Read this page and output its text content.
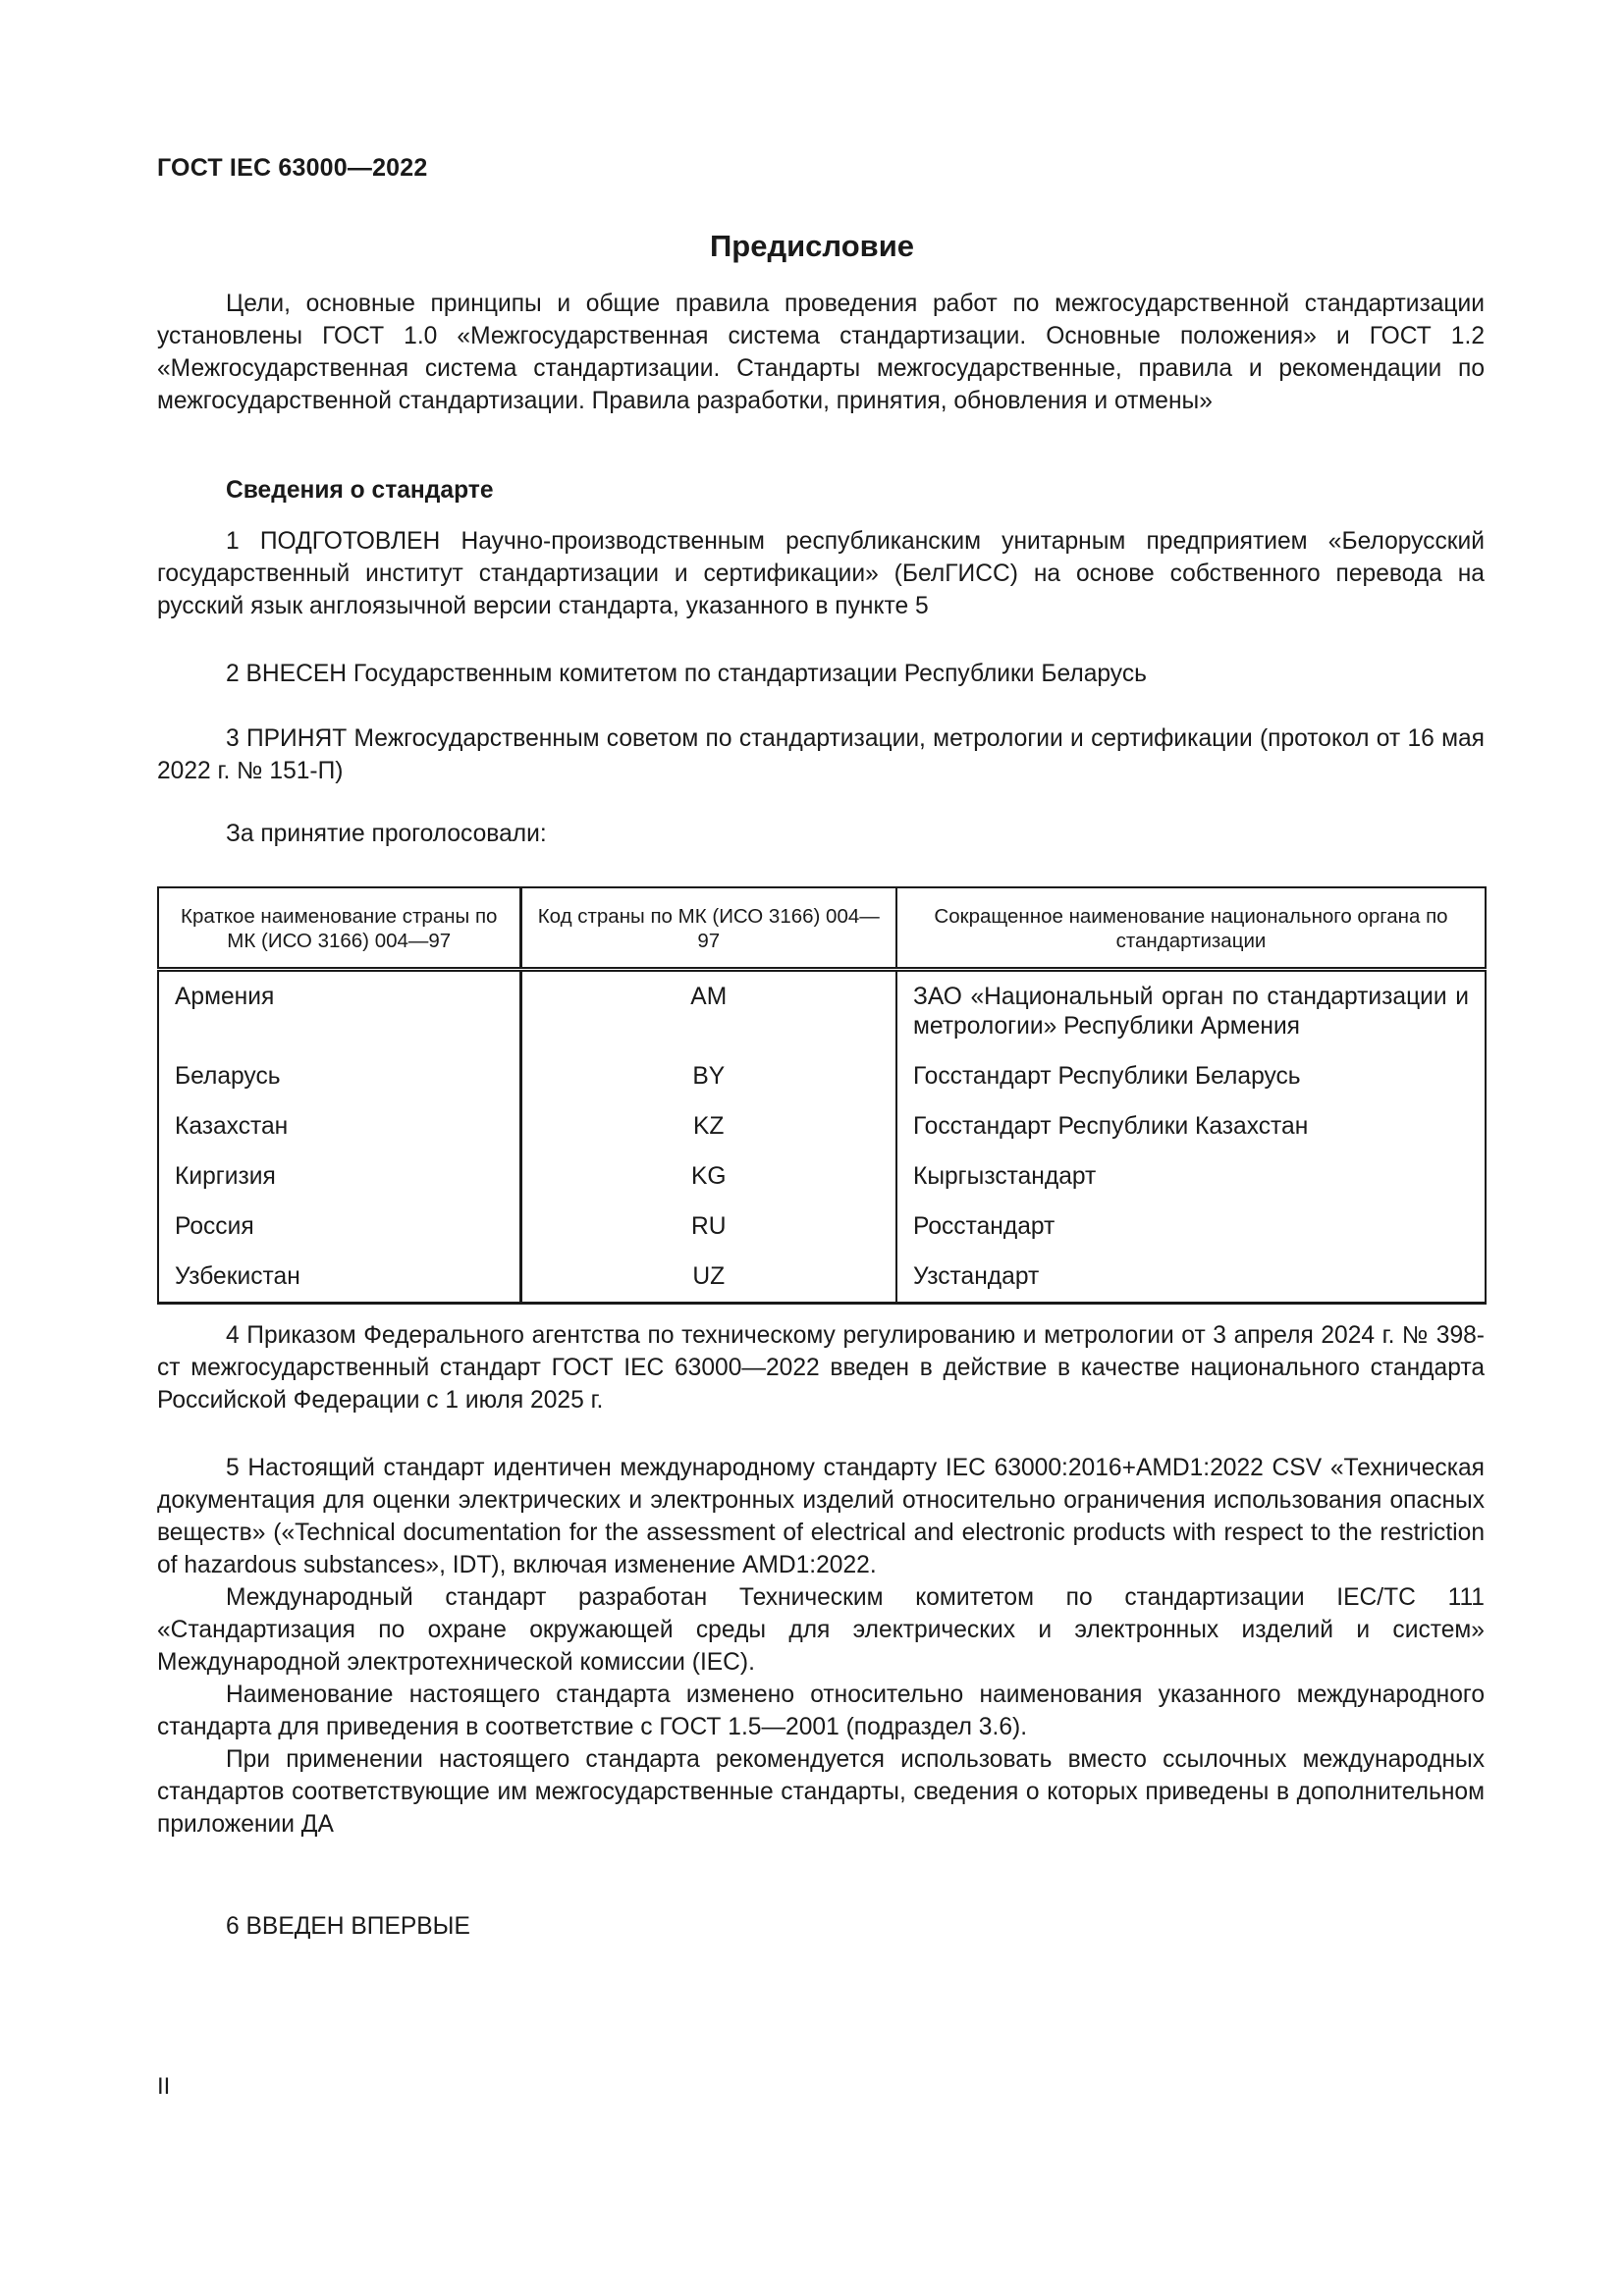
ГОСТ IEC 63000—2022
Предисловие

Цели, основные принципы и общие правила проведения работ по межгосударственной стандартизации установлены ГОСТ 1.0 «Межгосударственная система стандартизации. Основные положения» и ГОСТ 1.2 «Межгосударственная система стандартизации. Стандарты межгосударственные, правила и рекомендации по межгосударственной стандартизации. Правила разработки, принятия, обновления и отмены»

Сведения о стандарте

1 ПОДГОТОВЛЕН Научно-производственным республиканским унитарным предприятием «Белорусский государственный институт стандартизации и сертификации» (БелГИСС) на основе собственного перевода на русский язык англоязычной версии стандарта, указанного в пункте 5

2 ВНЕСЕН Государственным комитетом по стандартизации Республики Беларусь

3 ПРИНЯТ Межгосударственным советом по стандартизации, метрологии и сертификации (протокол от 16 мая 2022 г. № 151-П)

За принятие проголосовали:
Краткое наименование страны по МК (ИСО 3166) 004—97	Код страны по МК (ИСО 3166) 004—97	Сокращенное наименование национального органа по стандартизации
Армения	AM	ЗАО «Национальный орган по стандартизации и метрологии» Республики Армения
Беларусь	BY	Госстандарт Республики Беларусь
Казахстан	KZ	Госстандарт Республики Казахстан
Киргизия	KG	Кыргызстандарт
Россия	RU	Росстандарт
Узбекистан	UZ	Узстандарт

4 Приказом Федерального агентства по техническому регулированию и метрологии от 3 апреля 2024 г. № 398-ст межгосударственный стандарт ГОСТ IEC 63000—2022 введен в действие в качестве национального стандарта Российской Федерации с 1 июля 2025 г.

5 Настоящий стандарт идентичен международному стандарту IEC 63000:2016+AMD1:2022 CSV «Техническая документация для оценки электрических и электронных изделий относительно ограничения использования опасных веществ» («Technical documentation for the assessment of electrical and electronic products with respect to the restriction of hazardous substances», IDT), включая изменение AMD1:2022.

Международный стандарт разработан Техническим комитетом по стандартизации IEC/TC 111 «Стандартизация по охране окружающей среды для электрических и электронных изделий и систем» Международной электротехнической комиссии (IEC).

Наименование настоящего стандарта изменено относительно наименования указанного международного стандарта для приведения в соответствие с ГОСТ 1.5—2001 (подраздел 3.6).

При применении настоящего стандарта рекомендуется использовать вместо ссылочных международных стандартов соответствующие им межгосударственные стандарты, сведения о которых приведены в дополнительном приложении ДА

6 ВВЕДЕН ВПЕРВЫЕ
II
